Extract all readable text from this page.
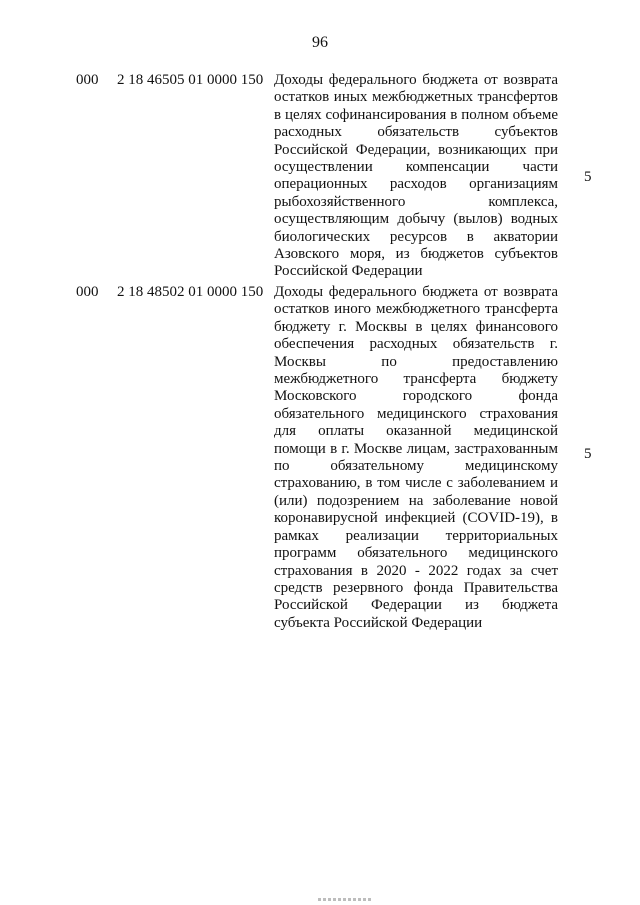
96
000 2 18 46505 01 0000 150 Доходы федерального бюджета от возврата остатков иных межбюджетных трансфертов в целях софинансирования в полном объеме расходных обязательств субъектов Российской Федерации, возникающих при осуществлении компенсации части операционных расходов организациям рыбохозяйственного комплекса, осуществляющим добычу (вылов) водных биологических ресурсов в акватории Азовского моря, из бюджетов субъектов Российской Федерации
5
000 2 18 48502 01 0000 150 Доходы федерального бюджета от возврата остатков иного межбюджетного трансферта бюджету г. Москвы в целях финансового обеспечения расходных обязательств г. Москвы по предоставлению межбюджетного трансферта бюджету Московского городского фонда обязательного медицинского страхования для оплаты оказанной медицинской помощи в г. Москве лицам, застрахованным по обязательному медицинскому страхованию, в том числе с заболеванием и (или) подозрением на заболевание новой коронавирусной инфекцией (COVID-19), в рамках реализации территориальных программ обязательного медицинского страхования в 2020 - 2022 годах за счет средств резервного фонда Правительства Российской Федерации из бюджета субъекта Российской Федерации
5
